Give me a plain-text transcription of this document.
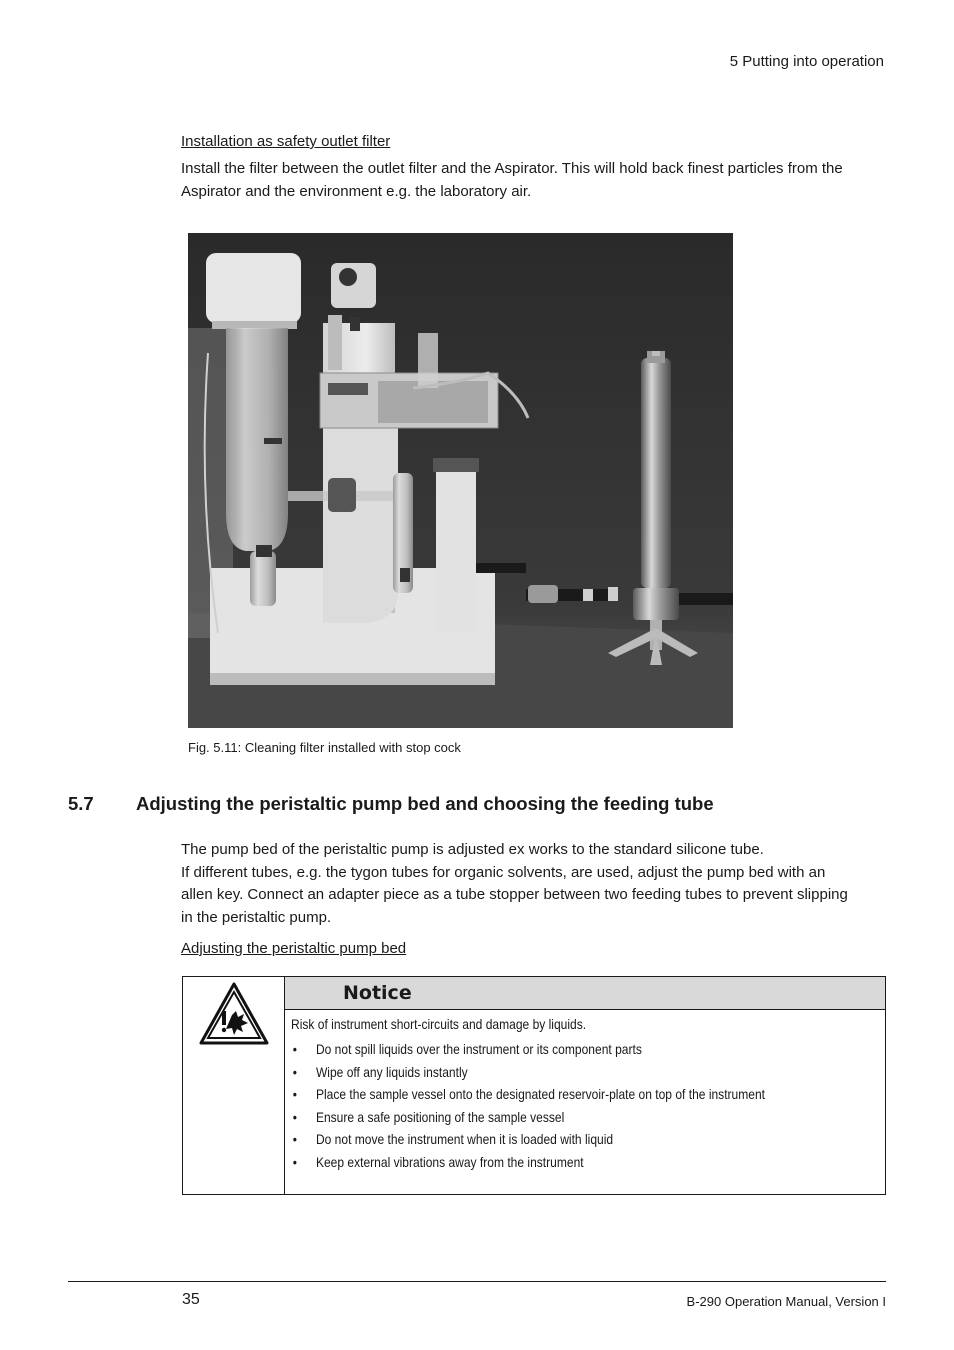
5 Putting into operation
Installation as safety outlet filter
Install the filter between the outlet filter and the Aspirator. This will hold back finest particles from the
Aspirator and the environment e.g. the laboratory air.
Fig. 5.11: Cleaning filter installed with stop cock
5.7 Adjusting the peristaltic pump bed and choosing the feeding tube
The pump bed of the peristaltic pump is adjusted ex works to the standard silicone tube.
If different tubes, e.g. the tygon tubes for organic solvents, are used, adjust the pump bed with an
allen key. Connect an adapter piece as a tube stopper between two feeding tubes to prevent slipping
in the peristaltic pump.
Adjusting the peristaltic pump bed
Notice
Risk of instrument short-circuits and damage by liquids.
• Do not spill liquids over the instrument or its component parts
• Wipe off any liquids instantly
• Place the sample vessel onto the designated reservoir-plate on top of the instrument
• Ensure a safe positioning of the sample vessel
• Do not move the instrument when it is loaded with liquid
• Keep external vibrations away from the instrument
35	B-290 Operation Manual, Version I
